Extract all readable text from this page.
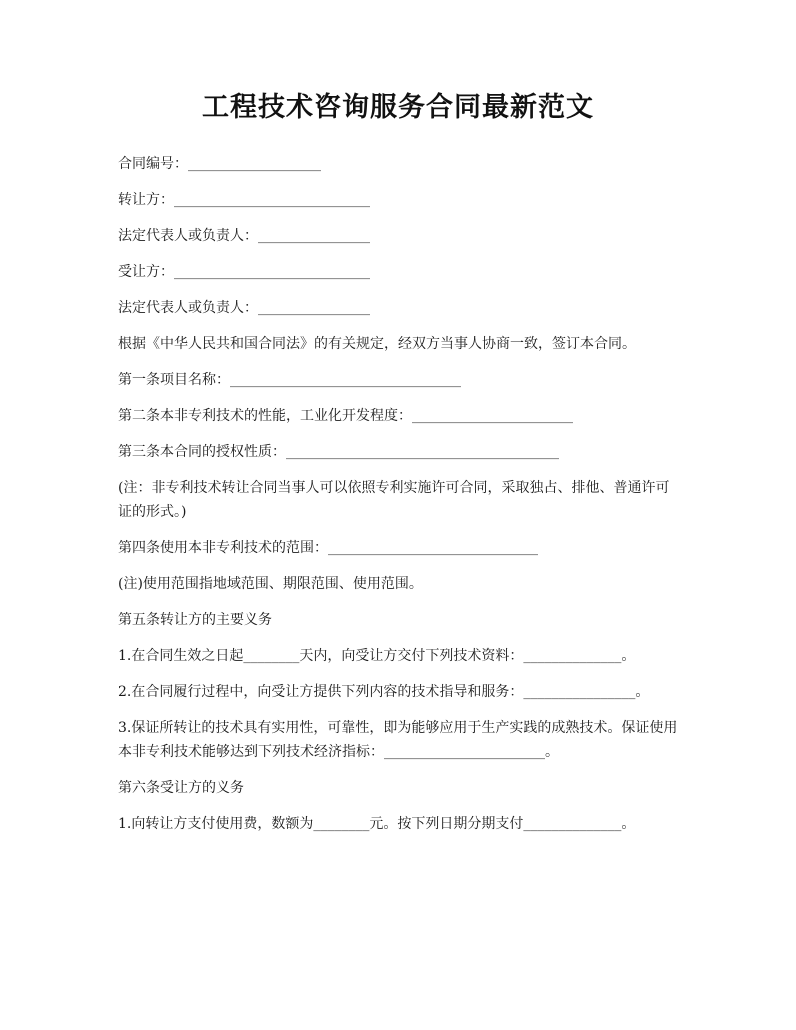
工程技术咨询服务合同最新范文

合同编号：___________________

转让方：____________________________

法定代表人或负责人：________________

受让方：____________________________

法定代表人或负责人：________________

根据《中华人民共和国合同法》的有关规定，经双方当事人协商一致，签订本合同。

第一条项目名称：_________________________________

第二条本非专利技术的性能，工业化开发程度：_______________________

第三条本合同的授权性质：_______________________________________

(注：非专利技术转让合同当事人可以依照专利实施许可合同，采取独占、排他、普通许可证的形式。)

第四条使用本非专利技术的范围：______________________________

(注)使用范围指地域范围、期限范围、使用范围。

第五条转让方的主要义务

1.在合同生效之日起________天内，向受让方交付下列技术资料：______________。

2.在合同履行过程中，向受让方提供下列内容的技术指导和服务：________________。

3.保证所转让的技术具有实用性，可靠性，即为能够应用于生产实践的成熟技术。保证使用本非专利技术能够达到下列技术经济指标：_______________________。

第六条受让方的义务

1.向转让方支付使用费，数额为________元。按下列日期分期支付______________。
